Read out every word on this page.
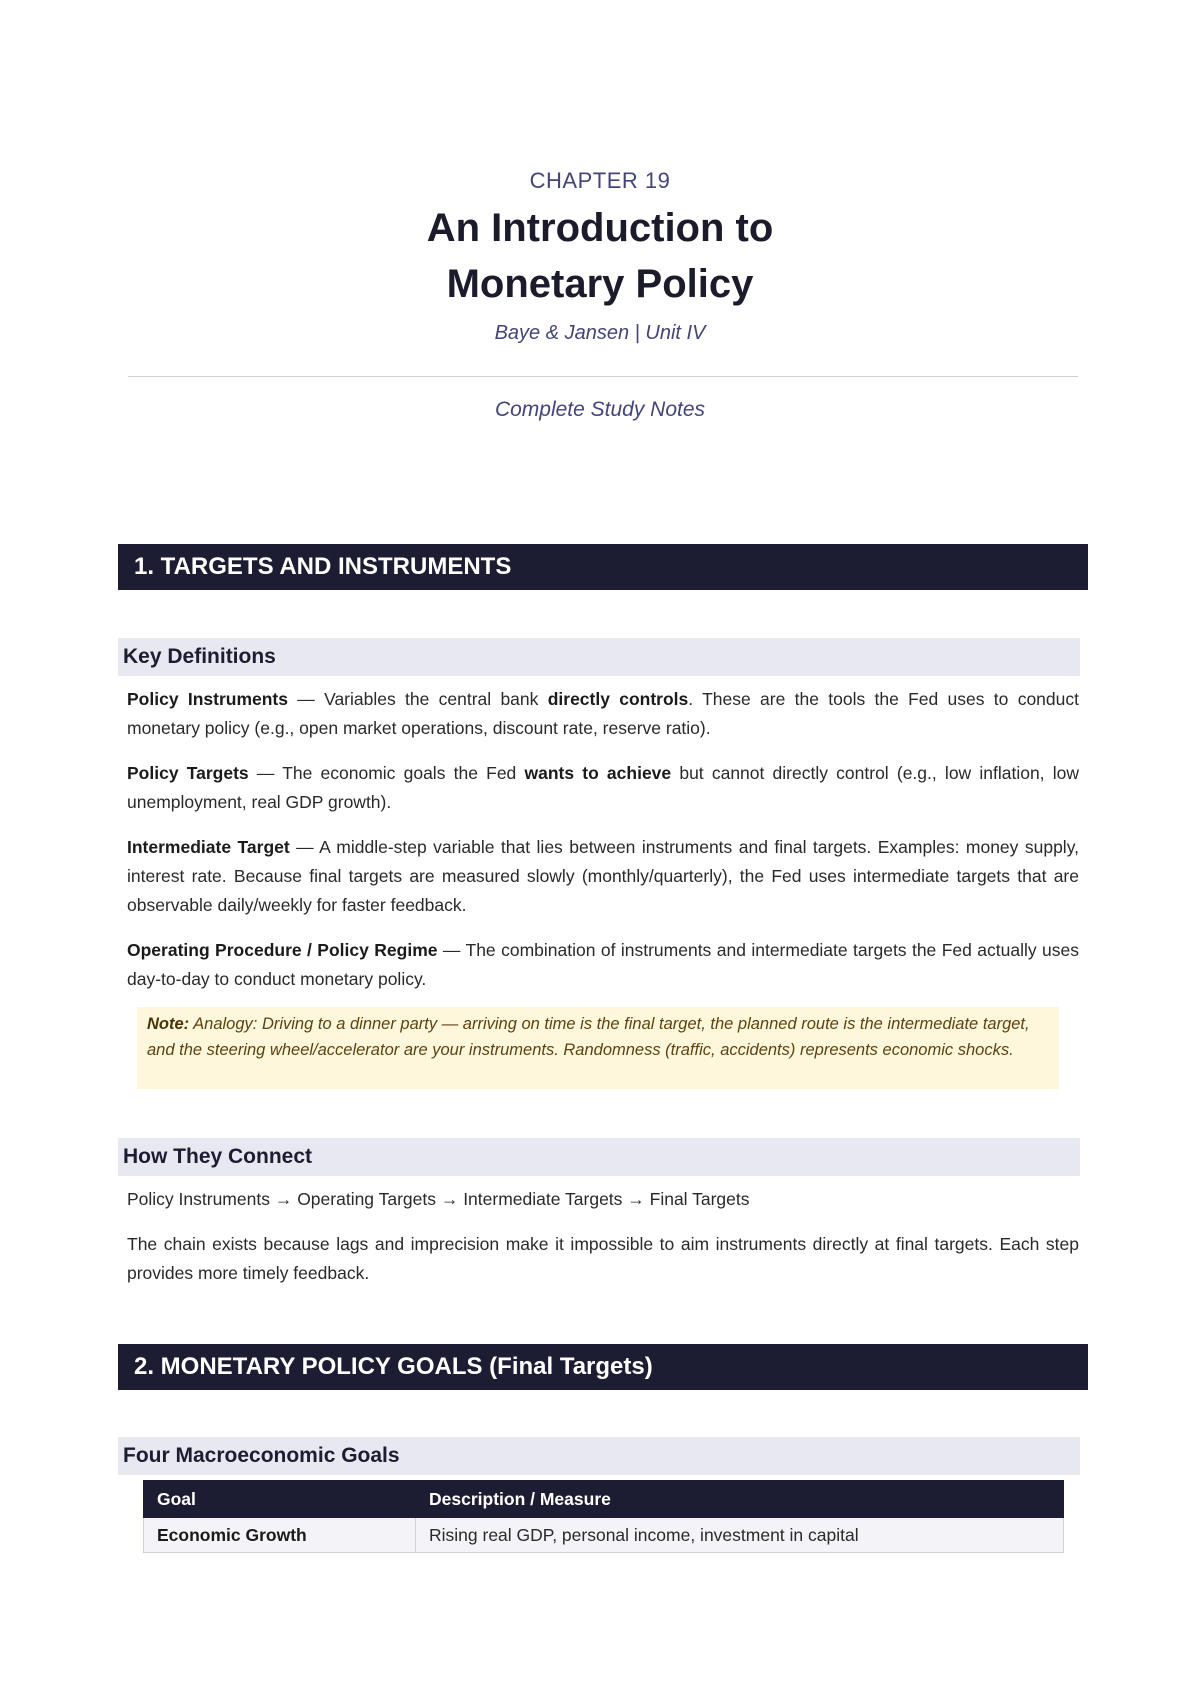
CHAPTER 19
An Introduction to
Monetary Policy
Baye & Jansen | Unit IV
Complete Study Notes
1. TARGETS AND INSTRUMENTS
Key Definitions
Policy Instruments — Variables the central bank directly controls. These are the tools the Fed uses to conduct monetary policy (e.g., open market operations, discount rate, reserve ratio).
Policy Targets — The economic goals the Fed wants to achieve but cannot directly control (e.g., low inflation, low unemployment, real GDP growth).
Intermediate Target — A middle-step variable that lies between instruments and final targets. Examples: money supply, interest rate. Because final targets are measured slowly (monthly/quarterly), the Fed uses intermediate targets that are observable daily/weekly for faster feedback.
Operating Procedure / Policy Regime — The combination of instruments and intermediate targets the Fed actually uses day-to-day to conduct monetary policy.
Note: Analogy: Driving to a dinner party — arriving on time is the final target, the planned route is the intermediate target, and the steering wheel/accelerator are your instruments. Randomness (traffic, accidents) represents economic shocks.
How They Connect
Policy Instruments → Operating Targets → Intermediate Targets → Final Targets
The chain exists because lags and imprecision make it impossible to aim instruments directly at final targets. Each step provides more timely feedback.
2. MONETARY POLICY GOALS (Final Targets)
Four Macroeconomic Goals
Goal	Description / Measure
Economic Growth	Rising real GDP, personal income, investment in capital
